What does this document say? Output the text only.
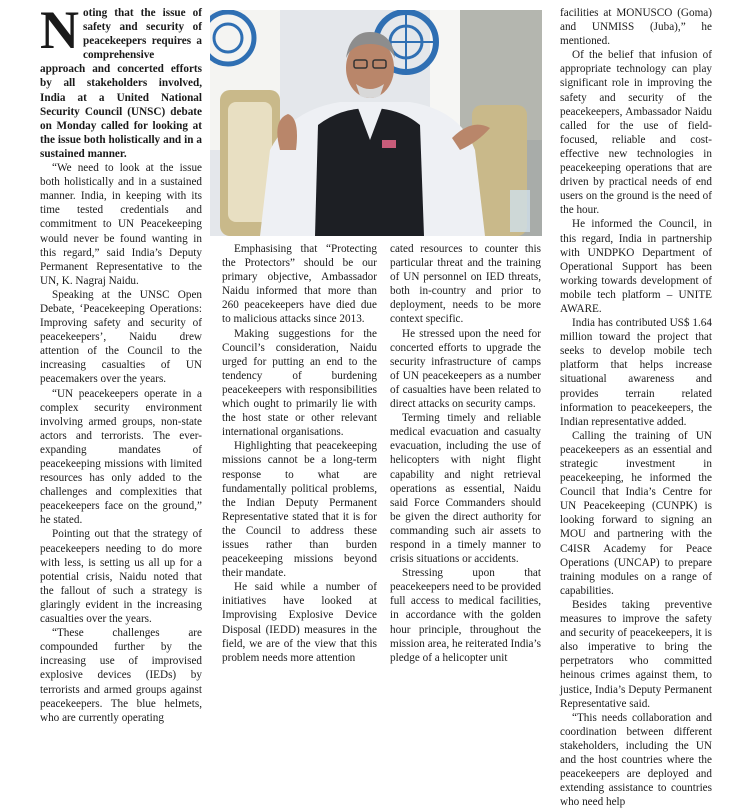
Noting that the issue of safety and security of peacekeepers requires a comprehensive approach and concerted efforts by all stakeholders involved, India at a United National Security Council (UNSC) debate on Monday called for looking at the issue both holistically and in a sustained manner.

“We need to look at the issue both holistically and in a sustained manner. India, in keeping with its time tested credentials and commitment to UN Peacekeeping would never be found wanting in this regard,” said India’s Deputy Permanent Representative to the UN, K. Nagraj Naidu.

Speaking at the UNSC Open Debate, ‘Peacekeeping Operations: Improving safety and security of peacekeepers’, Naidu drew attention of the Council to the increasing casualties of UN peacemakers over the years.

“UN peacekeepers operate in a complex security environment involving armed groups, non-state actors and terrorists. The ever-expanding mandates of peacekeeping missions with limited resources has only added to the challenges and complexities that peacekeepers face on the ground,” he stated.

Pointing out that the strategy of peacekeepers needing to do more with less, is setting us all up for a potential crisis, Naidu noted that the fallout of such a strategy is glaringly evident in the increasing casualties over the years.

“These challenges are compounded further by the increasing use of improvised explosive devices (IEDs) by terrorists and armed groups against peacekeepers. The blue helmets, who are currently operating

Emphasising that “Protecting the Protectors” should be our primary objective, Ambassador Naidu informed that more than 260 peacekeepers have died due to malicious attacks since 2013.

Making suggestions for the Council’s consideration, Naidu urged for putting an end to the tendency of burdening peacekeepers with responsibilities which ought to primarily lie with the host state or other relevant international organisations.

Highlighting that peacekeeping missions cannot be a long-term response to what are fundamentally political problems, the Indian Deputy Permanent Representative stated that it is for the Council to address these issues rather than burden peacekeeping missions beyond their mandate.

He said while a number of initiatives have looked at Improvising Explosive Device Disposal (IEDD) measures in the field, we are of the view that this problem needs more attention

cated resources to counter this particular threat and the training of UN personnel on IED threats, both in-country and prior to deployment, needs to be more context specific.

He stressed upon the need for concerted efforts to upgrade the security infrastructure of camps of UN peacekeepers as a number of casualties have been related to direct attacks on security camps.

Terming timely and reliable medical evacuation and casualty evacuation, including the use of helicopters with night flight capability and night retrieval operations as essential, Naidu said Force Commanders should be given the direct authority for commanding such air assets to respond in a timely manner to crisis situations or accidents.

Stressing upon that peacekeepers need to be provided full access to medical facilities, in accordance with the golden hour principle, throughout the mission area, he reiterated India’s pledge of a helicopter unit

facilities at MONUSCO (Goma) and UNMISS (Juba),” he mentioned.

Of the belief that infusion of appropriate technology can play significant role in improving the safety and security of the peacekeepers, Ambassador Naidu called for the use of field-focused, reliable and cost-effective new technologies in peacekeeping operations that are driven by practical needs of end users on the ground is the need of the hour.

He informed the Council, in this regard, India in partnership with UNDPKO Department of Operational Support has been working towards development of mobile tech platform – UNITE AWARE.

India has contributed US$ 1.64 million toward the project that seeks to develop mobile tech platform that helps increase situational awareness and provides terrain related information to peacekeepers, the Indian representative added.

Calling the training of UN peacekeepers as an essential and strategic investment in peacekeeping, he informed the Council that India’s Centre for UN Peacekeeping (CUNPK) is looking forward to signing an MOU and partnering with the C4ISR Academy for Peace Operations (UNCAP) to prepare training modules on a range of capabilities.

Besides taking preventive measures to improve the safety and security of peacekeepers, it is also imperative to bring the perpetrators who committed heinous crimes against them, to justice, India’s Deputy Permanent Representative said.

“This needs collaboration and coordination between different stakeholders, including the UN and the host countries where the peacekeepers are deployed and extending assistance to countries who need help
